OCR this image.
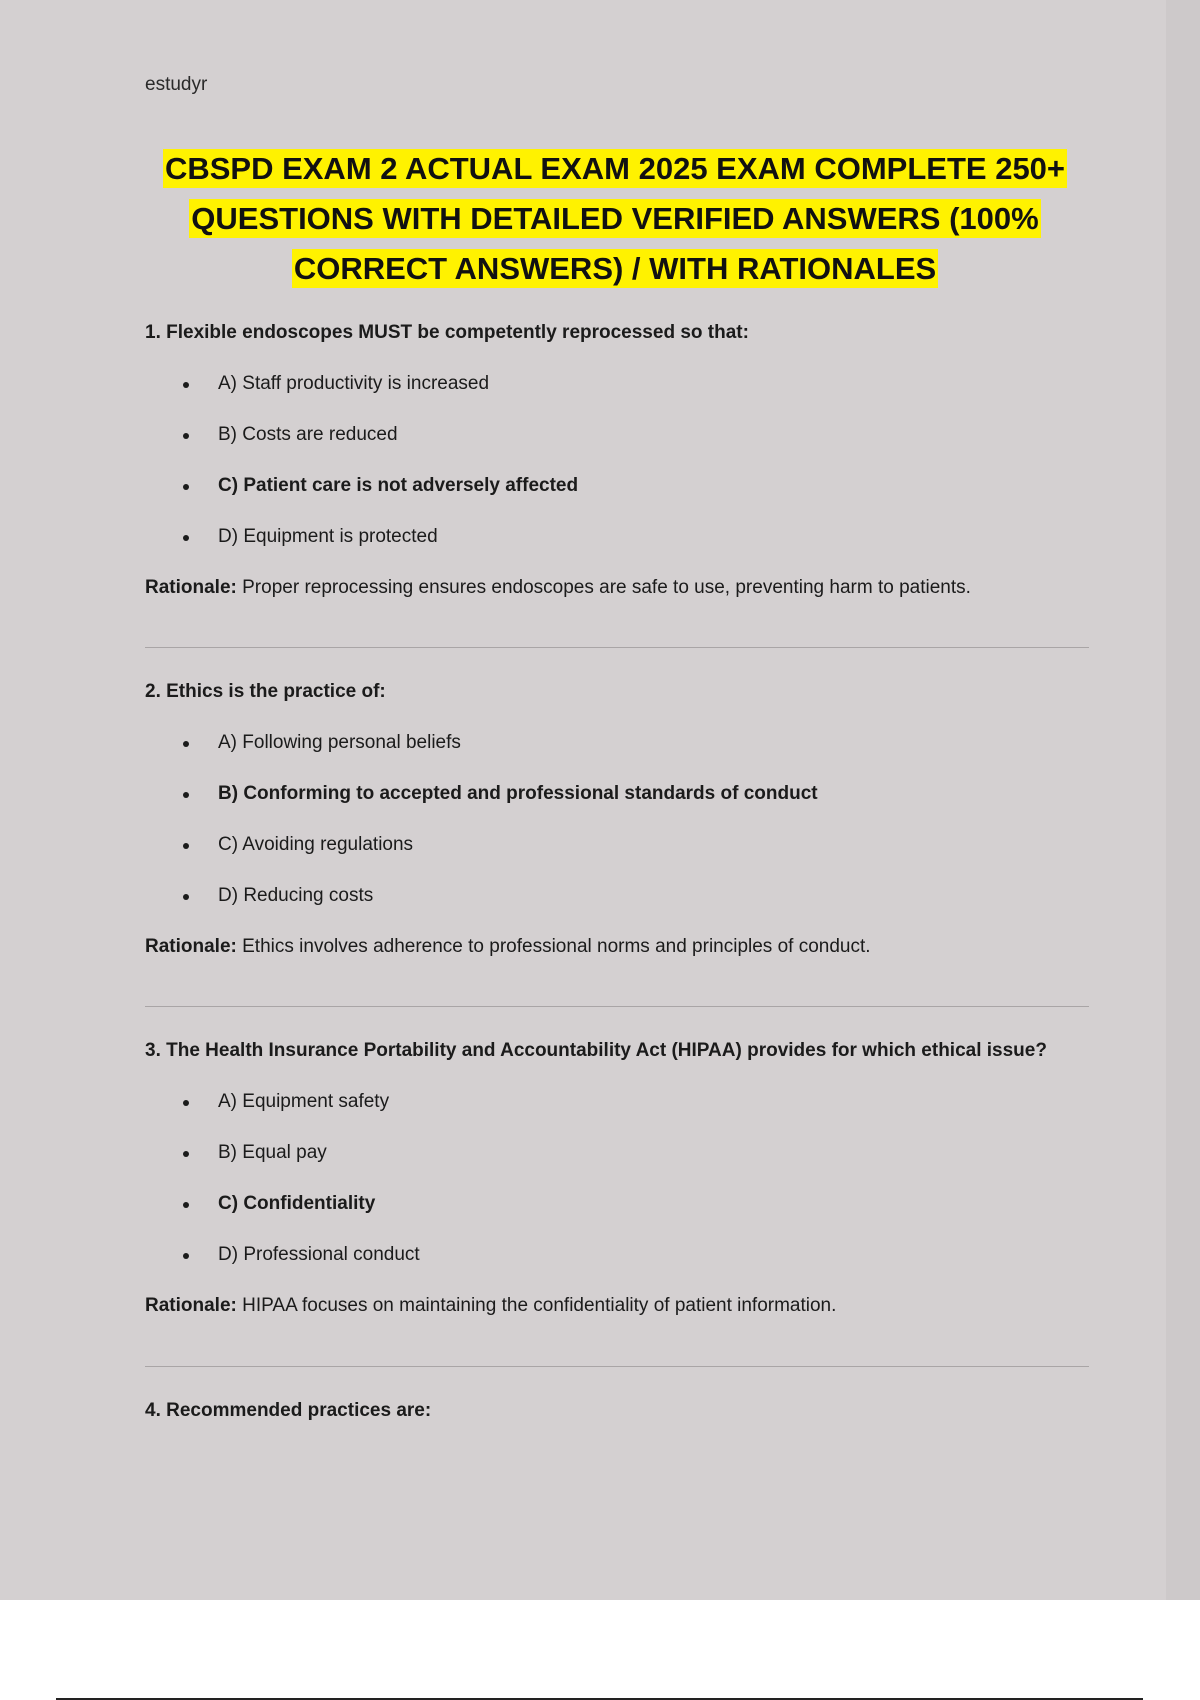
estudyr
CBSPD EXAM 2 ACTUAL EXAM 2025 EXAM COMPLETE 250+
QUESTIONS WITH DETAILED VERIFIED ANSWERS (100%
CORRECT ANSWERS) / WITH RATIONALES

1. Flexible endoscopes MUST be competently reprocessed so that:

A) Staff productivity is increased
B) Costs are reduced
C) Patient care is not adversely affected
D) Equipment is protected
Rationale: Proper reprocessing ensures endoscopes are safe to use, preventing harm to patients.

2. Ethics is the practice of:

A) Following personal beliefs
B) Conforming to accepted and professional standards of conduct
C) Avoiding regulations
D) Reducing costs
Rationale: Ethics involves adherence to professional norms and principles of conduct.

3. The Health Insurance Portability and Accountability Act (HIPAA) provides for which ethical issue?

A) Equipment safety
B) Equal pay
C) Confidentiality
D) Professional conduct
Rationale: HIPAA focuses on maintaining the confidentiality of patient information.

4. Recommended practices are:
